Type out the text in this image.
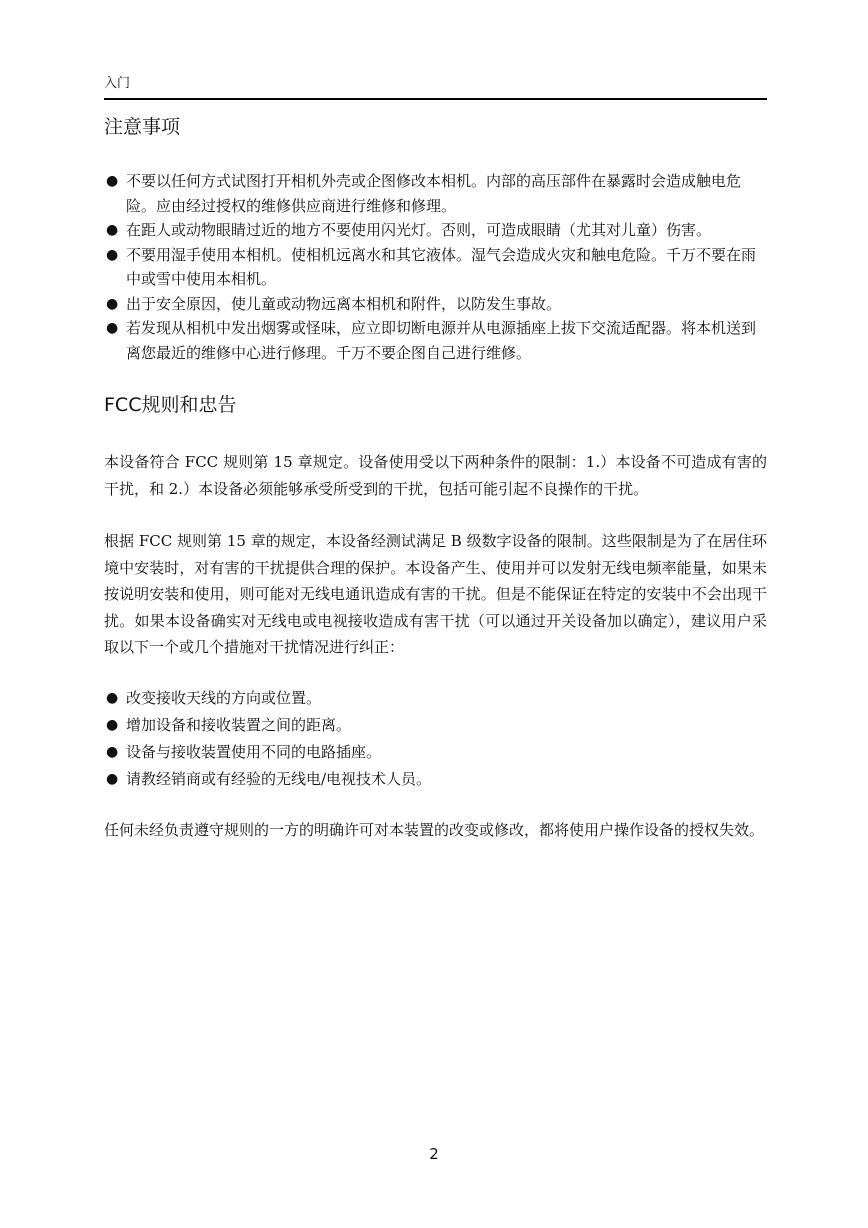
入门
注意事项
● 不要以任何方式试图打开相机外壳或企图修改本相机。内部的高压部件在暴露时会造成触电危险。应由经过授权的维修供应商进行维修和修理。
● 在距人或动物眼睛过近的地方不要使用闪光灯。否则，可造成眼睛（尤其对儿童）伤害。
● 不要用湿手使用本相机。使相机远离水和其它液体。湿气会造成火灾和触电危险。千万不要在雨中或雪中使用本相机。
● 出于安全原因，使儿童或动物远离本相机和附件，以防发生事故。
● 若发现从相机中发出烟雾或怪味，应立即切断电源并从电源插座上拔下交流适配器。将本机送到离您最近的维修中心进行修理。千万不要企图自己进行维修。
FCC规则和忠告

本设备符合 FCC 规则第 15 章规定。设备使用受以下两种条件的限制：1.）本设备不可造成有害的干扰，和 2.）本设备必须能够承受所受到的干扰，包括可能引起不良操作的干扰。

根据 FCC 规则第 15 章的规定，本设备经测试满足 B 级数字设备的限制。这些限制是为了在居住环境中安装时，对有害的干扰提供合理的保护。本设备产生、使用并可以发射无线电频率能量，如果未按说明安装和使用，则可能对无线电通讯造成有害的干扰。但是不能保证在特定的安装中不会出现干扰。如果本设备确实对无线电或电视接收造成有害干扰（可以通过开关设备加以确定），建议用户采取以下一个或几个措施对干扰情况进行纠正：

● 改变接收天线的方向或位置。
● 增加设备和接收装置之间的距离。
● 设备与接收装置使用不同的电路插座。
● 请教经销商或有经验的无线电/电视技术人员。

任何未经负责遵守规则的一方的明确许可对本装置的改变或修改，都将使用户操作设备的授权失效。

2
